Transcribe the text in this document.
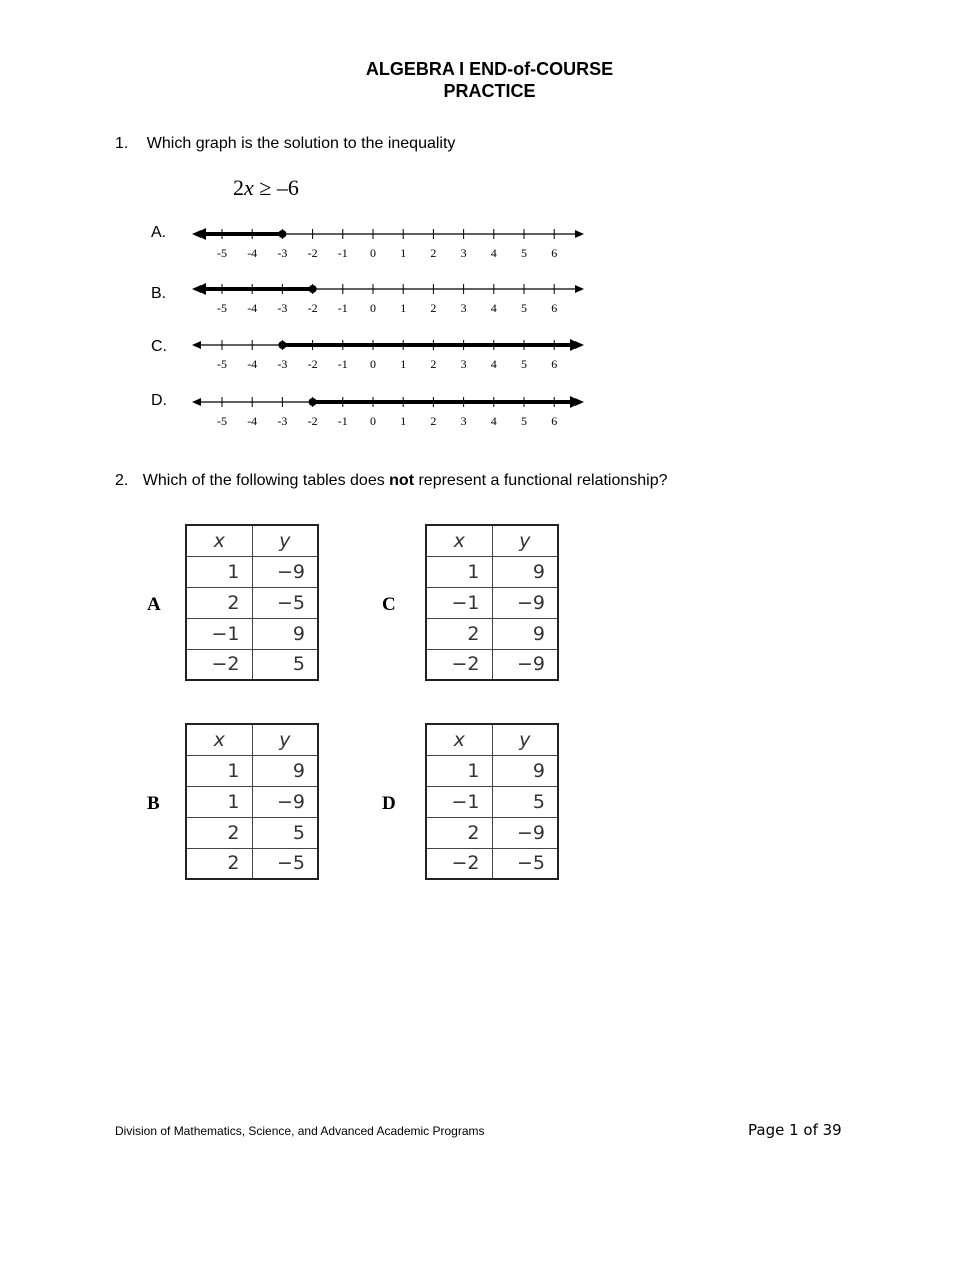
ALGEBRA I END-of-COURSE
PRACTICE
1. Which graph is the solution to the inequality
2x ≥ –6
A.
-5 -4 -3 -2 -1 0 1 2 3 4 5 6
B.
-5 -4 -3 -2 -1 0 1 2 3 4 5 6
C.
-5 -4 -3 -2 -1 0 1 2 3 4 5 6
D.
-5 -4 -3 -2 -1 0 1 2 3 4 5 6
2. Which of the following tables does not represent a functional relationship?
A
x	y
1	−9
2	−5
−1	9
−2	5
C
x	y
1	9
−1	−9
2	9
−2	−9
B
x	y
1	9
1	−9
2	5
2	−5
D
x	y
1	9
−1	5
2	−9
−2	−5
Division of Mathematics, Science, and Advanced Academic Programs	Page 1 of 39
